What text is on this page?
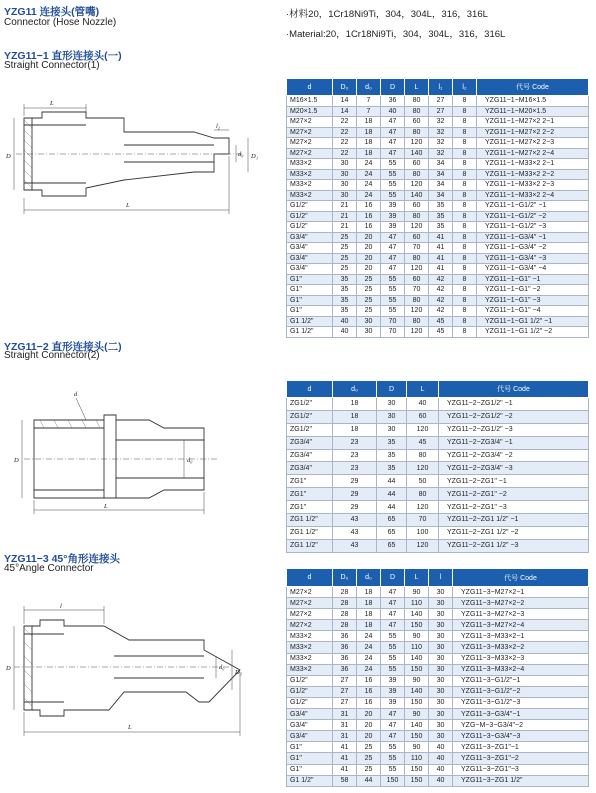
YZG11 连接头(管嘴)
Connector (Hose Nozzle)
·材料20，1Cr18Ni9Ti，304，304L，316，316L
·Material:20，1Cr18Ni9Ti，304，304L，316，316L
YZG11−1 直形连接头(一)
Straight Connector(1)
L
L
D
l₂
d₀ D₁
d	D₀	d₀	D	L	l₁	l₂	代号 Code
M16×1.5	14	7	36	80	27	8	YZG11−1−M16×1.5
M20×1.5	14	7	40	80	27	8	YZG11−1−M20×1.5
M27×2	22	18	47	60	32	8	YZG11−1−M27×2 2−1
M27×2	22	18	47	80	32	8	YZG11−1−M27×2 2−2
M27×2	22	18	47	120	32	8	YZG11−1−M27×2 2−3
M27×2	22	18	47	140	32	8	YZG11−1−M27×2 2−4
M33×2	30	24	55	60	34	8	YZG11−1−M33×2 2−1
M33×2	30	24	55	80	34	8	YZG11−1−M33×2 2−2
M33×2	30	24	55	120	34	8	YZG11−1−M33×2 2−3
M33×2	30	24	55	140	34	8	YZG11−1−M33×2 2−4
G1/2"	21	16	39	60	35	8	YZG11−1−G1/2" −1
G1/2"	21	16	39	80	35	8	YZG11−1−G1/2" −2
G1/2"	21	16	39	120	35	8	YZG11−1−G1/2" −3
G3/4"	25	20	47	60	41	8	YZG11−1−G3/4" −1
G3/4"	25	20	47	70	41	8	YZG11−1−G3/4" −2
G3/4"	25	20	47	80	41	8	YZG11−1−G3/4" −3
G3/4"	25	20	47	120	41	8	YZG11−1−G3/4" −4
G1"	35	25	55	60	42	8	YZG11−1−G1" −1
G1"	35	25	55	70	42	8	YZG11−1−G1" −2
G1"	35	25	55	80	42	8	YZG11−1−G1" −3
G1"	35	25	55	120	42	8	YZG11−1−G1" −4
G1 1/2"	40	30	70	80	45	8	YZG11−1−G1 1/2" −1
G1 1/2"	40	30	70	120	45	8	YZG11−1−G1 1/2" −2
YZG11−2 直形连接头(二)
Straight Connector(2)
d
D	d₀
L
d	d₀	D	L	代号 Code
ZG1/2"	18	30	40	YZG11−2−ZG1/2" −1
ZG1/2"	18	30	60	YZG11−2−ZG1/2" −2
ZG1/2"	18	30	120	YZG11−2−ZG1/2" −3
ZG3/4"	23	35	45	YZG11−2−ZG3/4" −1
ZG3/4"	23	35	80	YZG11−2−ZG3/4" −2
ZG3/4"	23	35	120	YZG11−2−ZG3/4" −3
ZG1"	29	44	50	YZG11−2−ZG1" −1
ZG1"	29	44	80	YZG11−2−ZG1" −2
ZG1"	29	44	120	YZG11−2−ZG1" −3
ZG1 1/2"	43	65	70	YZG11−2−ZG1 1/2" −1
ZG1 1/2"	43	65	100	YZG11−2−ZG1 1/2" −2
ZG1 1/2"	43	65	120	YZG11−2−ZG1 1/2" −3
YZG11−3 45°角形连接头
45°Angle Connector
l
D	d₀
D₁
L
d	D₀	d₀	D	L	l	代号 Code
M27×2	28	18	47	90	30	YZG11−3−M27×2−1
M27×2	28	18	47	110	30	YZG11−3−M27×2−2
M27×2	28	18	47	140	30	YZG11−3−M27×2−3
M27×2	28	18	47	150	30	YZG11−3−M27×2−4
M33×2	36	24	55	90	30	YZG11−3−M33×2−1
M33×2	36	24	55	110	30	YZG11−3−M33×2−2
M33×2	36	24	55	140	30	YZG11−3−M33×2−3
M33×2	36	24	55	150	30	YZG11−3−M33×2−4
G1/2"	27	16	39	90	30	YZG11−3−G1/2"−1
G1/2"	27	16	39	140	30	YZG11−3−G1/2"−2
G1/2"	27	16	39	150	30	YZG11−3−G1/2"−3
G3/4"	31	20	47	90	30	YZG11−3−G3/4"−1
G3/4"	31	20	47	140	30	YZG−M−3−G3/4"−2
G3/4"	31	20	47	150	30	YZG11−3−G3/4"−3
G1"	41	25	55	90	40	YZG11−3−ZG1"−1
G1"	41	25	55	110	40	YZG11−3−ZG1"−2
G1"	41	25	55	150	40	YZG11−3−ZG1"−3
G1 1/2"	58	44	150	150	40	YZG11−3−ZG1 1/2"
